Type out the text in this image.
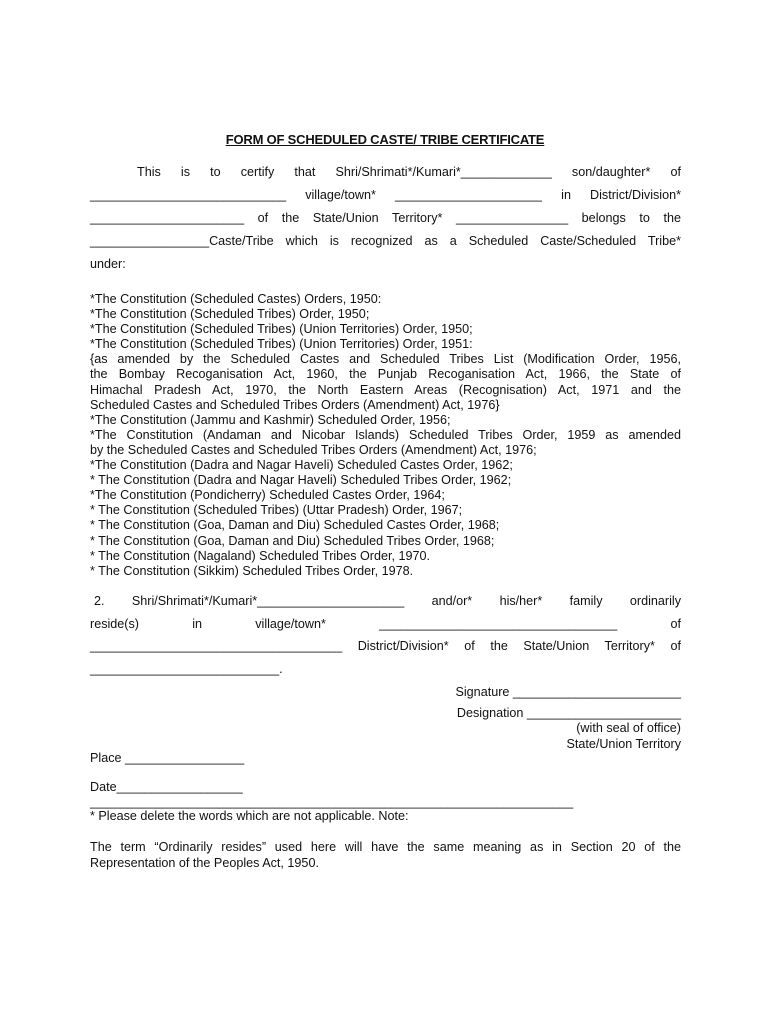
FORM OF SCHEDULED CASTE/ TRIBE CERTIFICATE
This is to certify that Shri/Shrimati*/Kumari*_____________ son/daughter* of
____________________________ village/town* _____________________ in District/Division*
______________________ of the State/Union Territory* ________________ belongs to the
_________________Caste/Tribe which is recognized as a Scheduled Caste/Scheduled Tribe*
under:
*The Constitution (Scheduled Castes) Orders, 1950:
*The Constitution (Scheduled Tribes) Order, 1950;
*The Constitution (Scheduled Tribes) (Union Territories) Order, 1950;
*The Constitution (Scheduled Tribes) (Union Territories) Order, 1951:
{as amended by the Scheduled Castes and Scheduled Tribes List (Modification Order, 1956,
the Bombay Recoganisation Act, 1960, the Punjab Recoganisation Act, 1966, the State of
Himachal Pradesh Act, 1970, the North Eastern Areas (Recognisation) Act, 1971 and the
Scheduled Castes and Scheduled Tribes Orders (Amendment) Act, 1976}
*The Constitution (Jammu and Kashmir) Scheduled Order, 1956;
*The Constitution (Andaman and Nicobar Islands) Scheduled Tribes Order, 1959 as amended
by the Scheduled Castes and Scheduled Tribes Orders (Amendment) Act, 1976;
*The Constitution (Dadra and Nagar Haveli) Scheduled Castes Order, 1962;
* The Constitution (Dadra and Nagar Haveli) Scheduled Tribes Order, 1962;
*The Constitution (Pondicherry) Scheduled Castes Order, 1964;
* The Constitution (Scheduled Tribes) (Uttar Pradesh) Order, 1967;
* The Constitution (Goa, Daman and Diu) Scheduled Castes Order, 1968;
* The Constitution (Goa, Daman and Diu) Scheduled Tribes Order, 1968;
* The Constitution (Nagaland) Scheduled Tribes Order, 1970.
* The Constitution (Sikkim) Scheduled Tribes Order, 1978.
2. Shri/Shrimati*/Kumari*_____________________ and/or* his/her* family ordinarily
reside(s)	in	village/town*	__________________________________	of
____________________________________ District/Division* of the State/Union Territory* of
___________________________.
Signature ________________________
Designation ______________________
(with seal of office)
State/Union Territory
Place _________________
Date__________________
_____________________________________________________________________
* Please delete the words which are not applicable. Note:
The term “Ordinarily resides” used here will have the same meaning as in Section 20 of the Representation of the Peoples Act, 1950.
